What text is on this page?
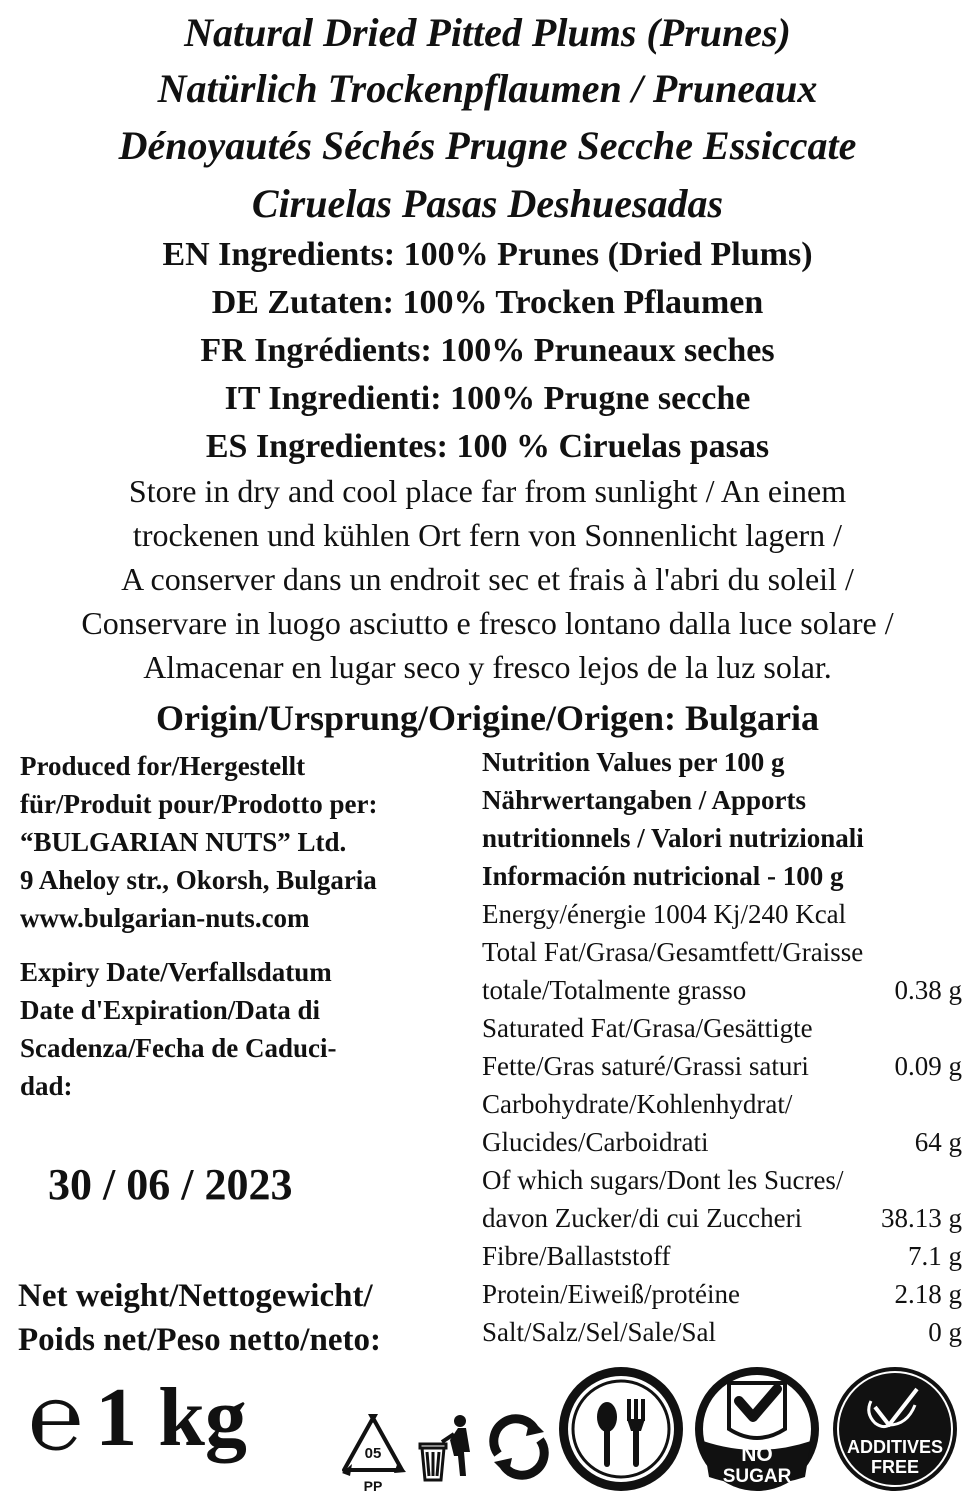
Natural Dried Pitted Plums (Prunes)
Natürlich Trockenpflaumen / Pruneaux
Dénoyautés Séchés Prugne Secche Essiccate
Ciruelas Pasas Deshuesadas
EN Ingredients: 100% Prunes (Dried Plums)
DE Zutaten: 100% Trocken Pflaumen
FR Ingrédients: 100% Pruneaux seches
IT Ingredienti: 100% Prugne secche
ES Ingredientes: 100 % Ciruelas pasas
Store in dry and cool place far from sunlight / An einem
trockenen und kühlen Ort fern von Sonnenlicht lagern /
A conserver dans un endroit sec et frais à l'abri du soleil /
Conservare in luogo asciutto e fresco lontano dalla luce solare /
Almacenar en lugar seco y fresco lejos de la luz solar.
Origin/Ursprung/Origine/Origen: Bulgaria
Produced for/Hergestellt
für/Produit pour/Prodotto per:
“BULGARIAN NUTS” Ltd.
9 Aheloy str., Okorsh, Bulgaria
www.bulgarian-nuts.com
Expiry Date/Verfallsdatum
Date d'Expiration/Data di
Scadenza/Fecha de Caduci-
dad:
30 / 06 / 2023
Net weight/Nettogewicht/
Poids net/Peso netto/neto:
℮ 1 kg
Nutrition Values per 100 g
Nährwertangaben / Apports
nutritionnels / Valori nutrizionali
Información nutricional - 100 g
Energy/énergie 1004 Kj/240 Kcal
Total Fat/Grasa/Gesamtfett/Graisse
totale/Totalmente grasso	0.38 g
Saturated Fat/Grasa/Gesättigte
Fette/Gras saturé/Grassi saturi	0.09 g
Carbohydrate/Kohlenhydrat/
Glucides/Carboidrati	64 g
Of which sugars/Dont les Sucres/
davon Zucker/di cui Zuccheri	38.13 g
Fibre/Ballaststoff	7.1 g
Protein/Eiweiß/protéine	2.18 g
Salt/Salz/Sel/Sale/Sal	0 g
05
PP
NO
SUGAR
ADDITIVES
FREE
